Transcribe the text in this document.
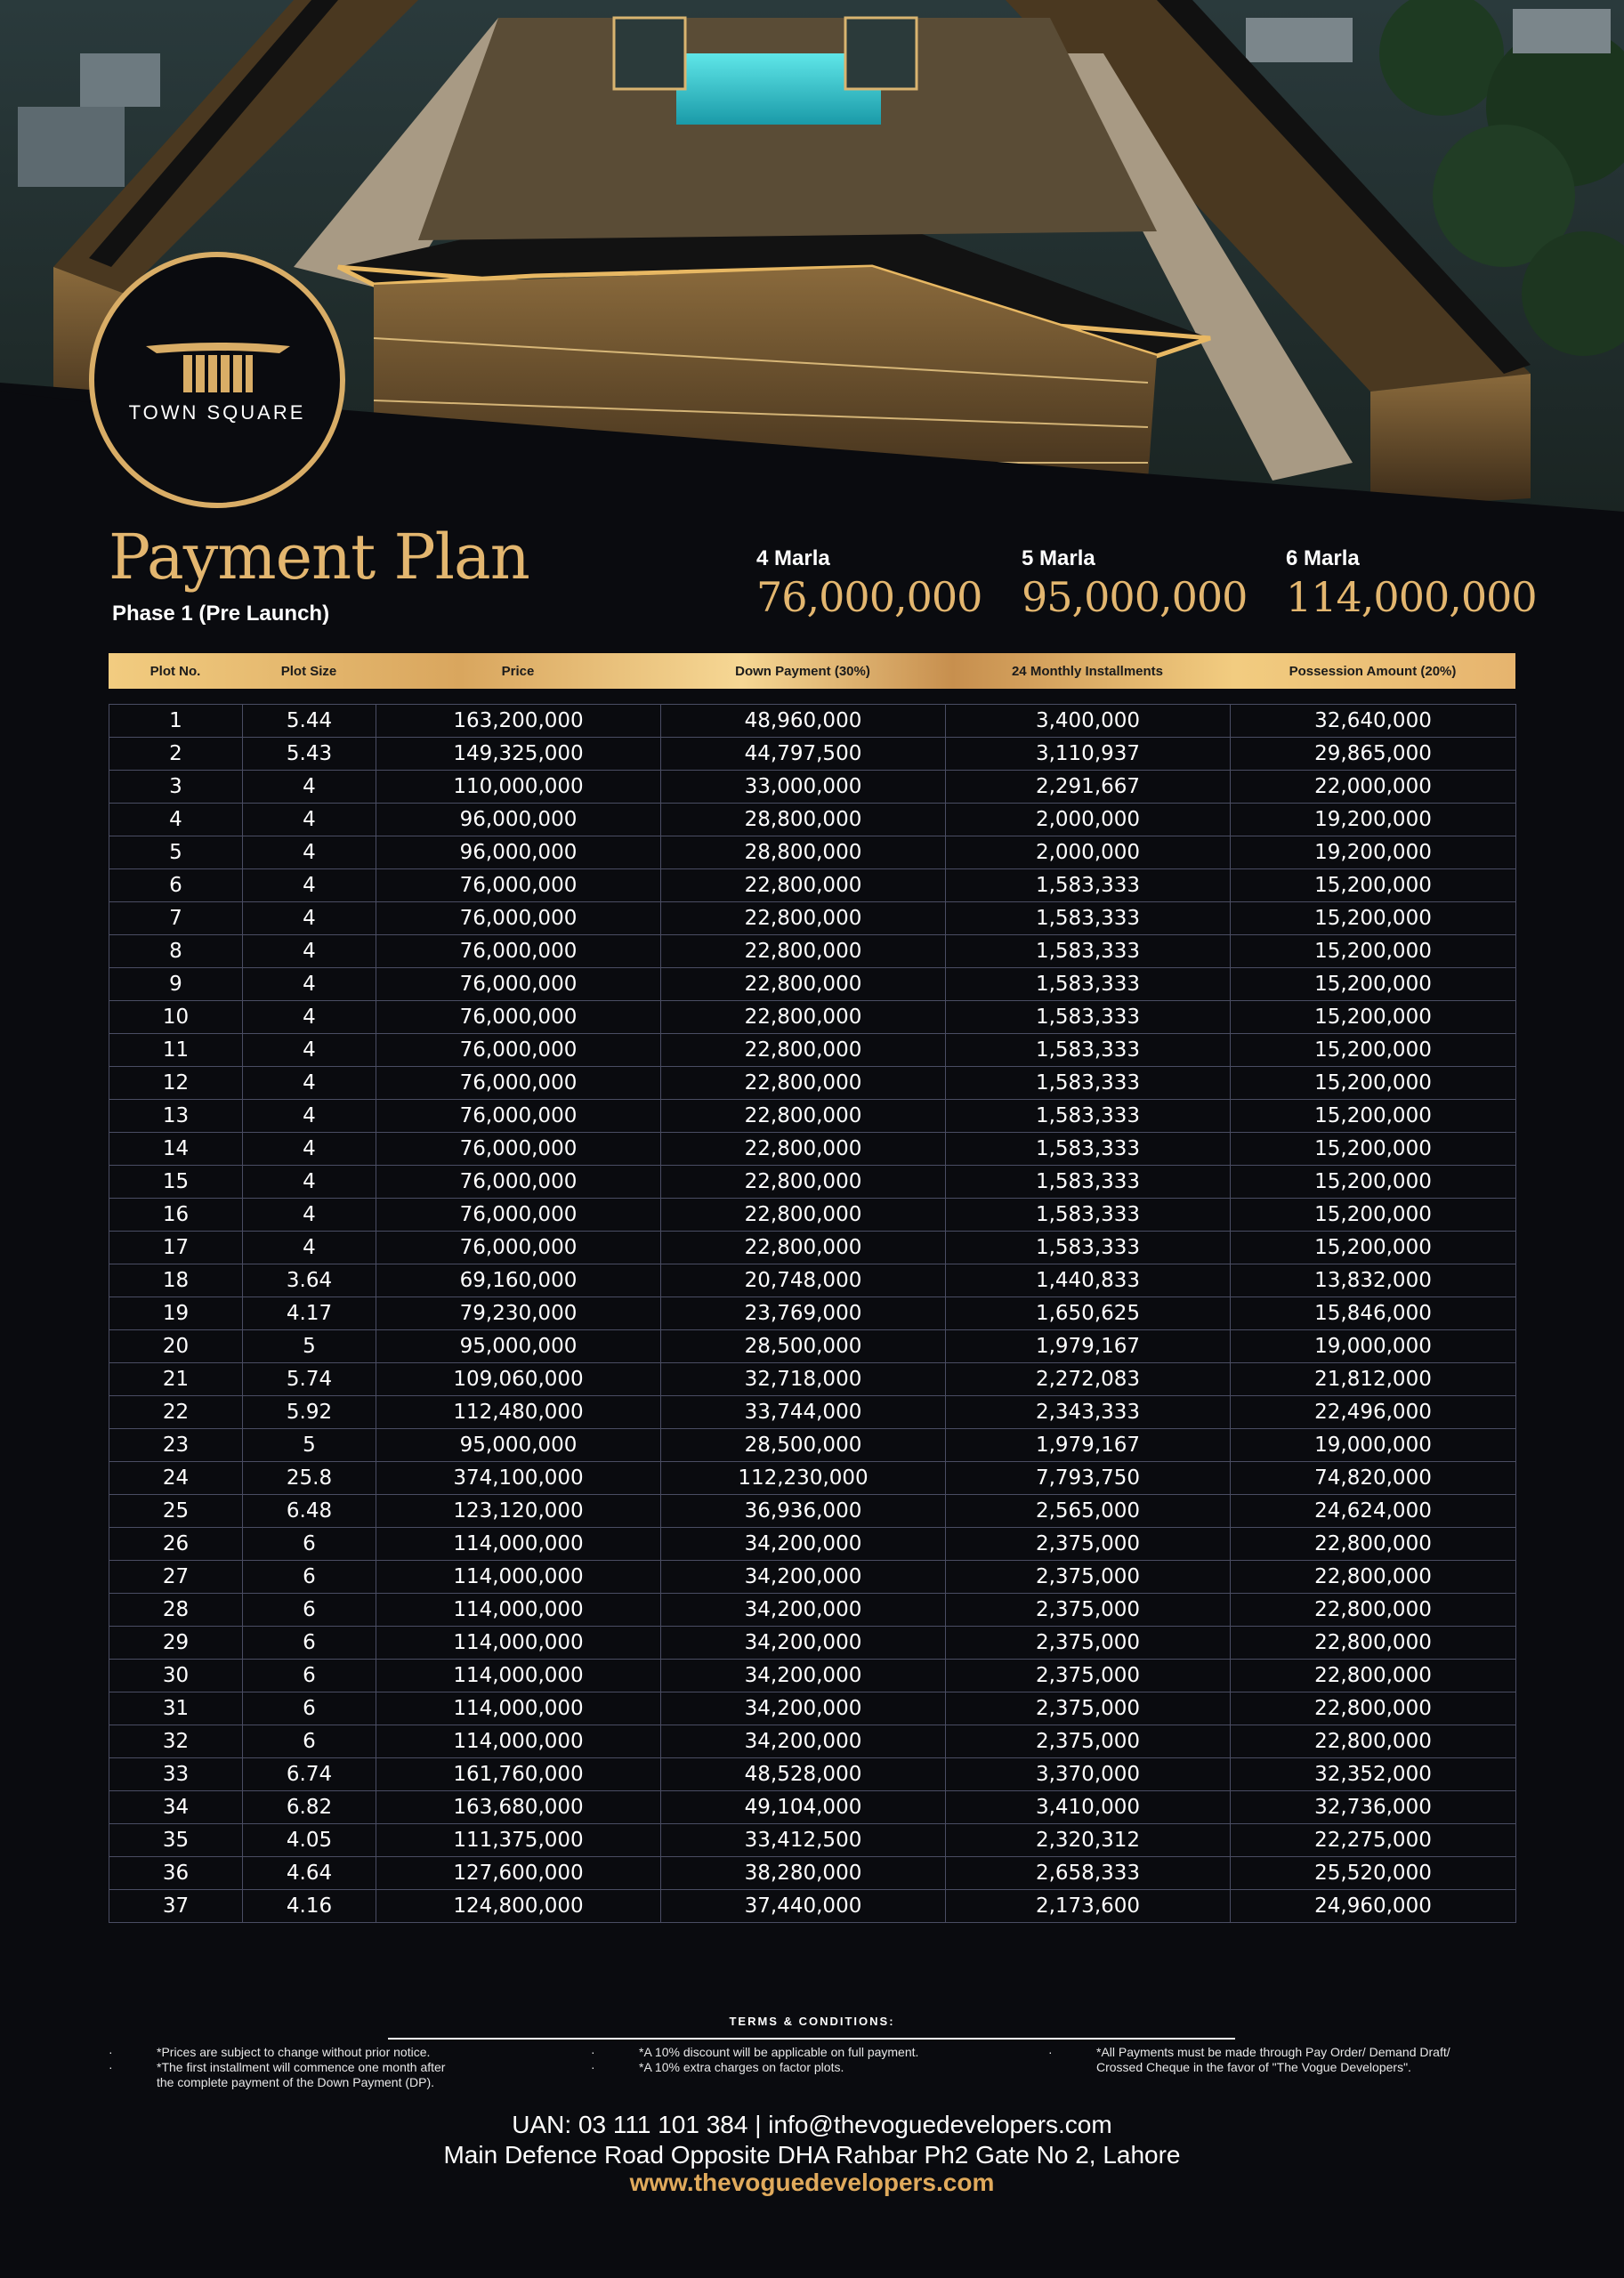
TOWN SQUARE
Payment Plan
Phase 1 (Pre Launch)
4 Marla
76,000,000
5 Marla
95,000,000
6 Marla
114,000,000
Plot No.	Plot Size	Price	Down Payment (30%)	24 Monthly Installments	Possession Amount (20%)
1	5.44	163,200,000	48,960,000	3,400,000	32,640,000
2	5.43	149,325,000	44,797,500	3,110,937	29,865,000
3	4	110,000,000	33,000,000	2,291,667	22,000,000
4	4	96,000,000	28,800,000	2,000,000	19,200,000
5	4	96,000,000	28,800,000	2,000,000	19,200,000
6	4	76,000,000	22,800,000	1,583,333	15,200,000
7	4	76,000,000	22,800,000	1,583,333	15,200,000
8	4	76,000,000	22,800,000	1,583,333	15,200,000
9	4	76,000,000	22,800,000	1,583,333	15,200,000
10	4	76,000,000	22,800,000	1,583,333	15,200,000
11	4	76,000,000	22,800,000	1,583,333	15,200,000
12	4	76,000,000	22,800,000	1,583,333	15,200,000
13	4	76,000,000	22,800,000	1,583,333	15,200,000
14	4	76,000,000	22,800,000	1,583,333	15,200,000
15	4	76,000,000	22,800,000	1,583,333	15,200,000
16	4	76,000,000	22,800,000	1,583,333	15,200,000
17	4	76,000,000	22,800,000	1,583,333	15,200,000
18	3.64	69,160,000	20,748,000	1,440,833	13,832,000
19	4.17	79,230,000	23,769,000	1,650,625	15,846,000
20	5	95,000,000	28,500,000	1,979,167	19,000,000
21	5.74	109,060,000	32,718,000	2,272,083	21,812,000
22	5.92	112,480,000	33,744,000	2,343,333	22,496,000
23	5	95,000,000	28,500,000	1,979,167	19,000,000
24	25.8	374,100,000	112,230,000	7,793,750	74,820,000
25	6.48	123,120,000	36,936,000	2,565,000	24,624,000
26	6	114,000,000	34,200,000	2,375,000	22,800,000
27	6	114,000,000	34,200,000	2,375,000	22,800,000
28	6	114,000,000	34,200,000	2,375,000	22,800,000
29	6	114,000,000	34,200,000	2,375,000	22,800,000
30	6	114,000,000	34,200,000	2,375,000	22,800,000
31	6	114,000,000	34,200,000	2,375,000	22,800,000
32	6	114,000,000	34,200,000	2,375,000	22,800,000
33	6.74	161,760,000	48,528,000	3,370,000	32,352,000
34	6.82	163,680,000	49,104,000	3,410,000	32,736,000
35	4.05	111,375,000	33,412,500	2,320,312	22,275,000
36	4.64	127,600,000	38,280,000	2,658,333	25,520,000
37	4.16	124,800,000	37,440,000	2,173,600	24,960,000
TERMS & CONDITIONS:
·
·
*Prices are subject to change without prior notice.
*The first installment will commence one month after
the complete payment of the Down Payment (DP).
·
·
*A 10% discount will be applicable on full payment.
*A 10% extra charges on factor plots.
·	*All Payments must be made through Pay Order/ Demand Draft/
Crossed Cheque in the favor of "The Vogue Developers".
UAN: 03 111 101 384 | info@thevoguedevelopers.com
Main Defence Road Opposite DHA Rahbar Ph2 Gate No 2, Lahore
www.thevoguedevelopers.com
